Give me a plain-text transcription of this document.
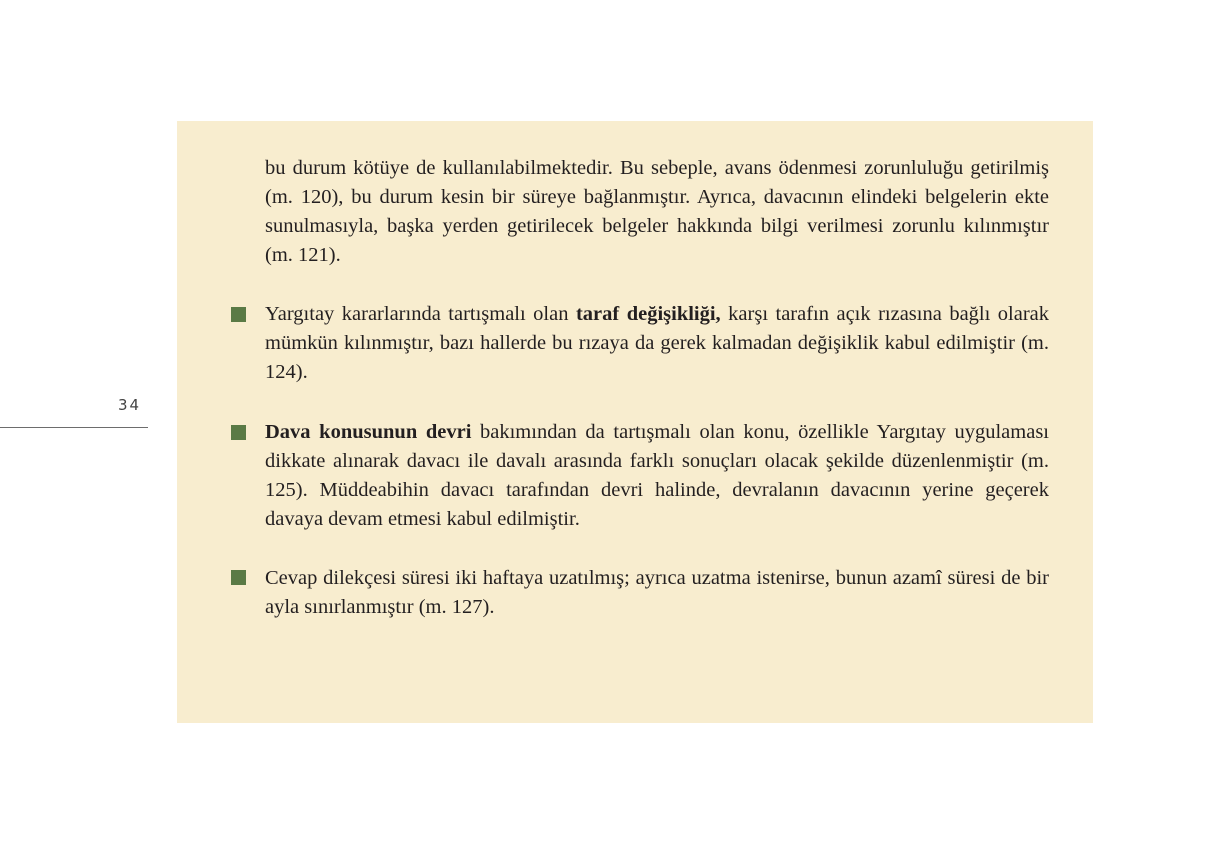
34

bu durum kötüye de kullanılabilmektedir. Bu sebeple, avans ödenmesi zorunluluğu getirilmiş (m. 120), bu durum kesin bir süreye bağlanmıştır. Ayrıca, davacının elindeki belgelerin ekte sunulmasıyla, başka yerden getirilecek belgeler hakkında bilgi verilmesi zorunlu kılınmıştır (m. 121).

Yargıtay kararlarında tartışmalı olan taraf değişikliği, karşı tarafın açık rızasına bağlı olarak mümkün kılınmıştır, bazı hallerde bu rızaya da gerek kalmadan değişiklik kabul edilmiştir (m. 124).

Dava konusunun devri bakımından da tartışmalı olan konu, özellikle Yargıtay uygulaması dikkate alınarak davacı ile davalı arasında farklı sonuçları olacak şekilde düzenlenmiştir (m. 125). Müddeabihin davacı tarafından devri halinde, devralanın davacının yerine geçerek davaya devam etmesi kabul edilmiştir.

Cevap dilekçesi süresi iki haftaya uzatılmış; ayrıca uzatma istenirse, bunun azamî süresi de bir ayla sınırlanmıştır (m. 127).
